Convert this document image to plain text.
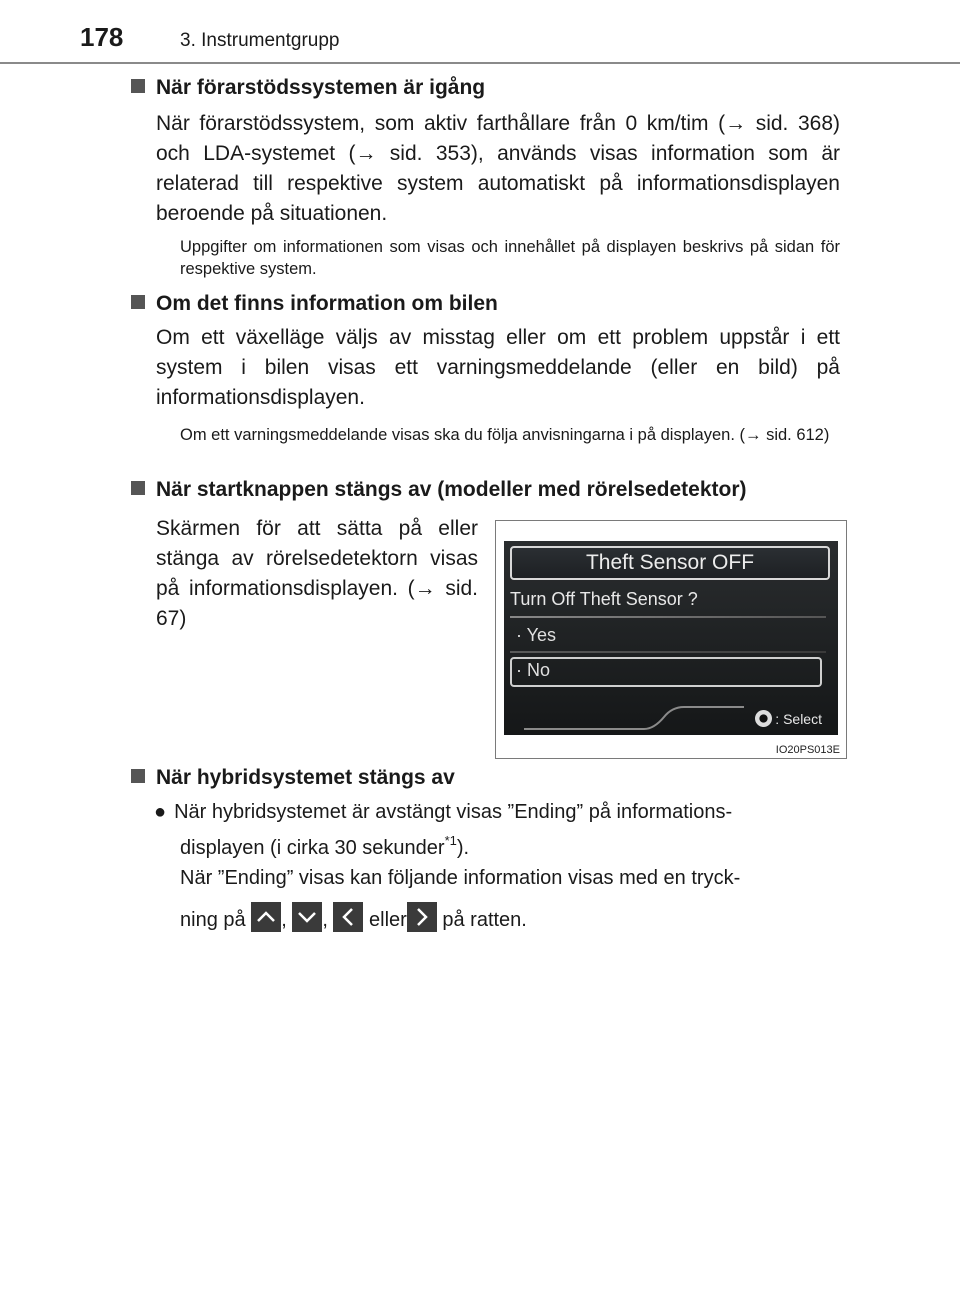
178	3. Instrumentgrupp
När förarstödssystemen är igång

När förarstödssystem, som aktiv farthållare från 0 km/tim (→ sid. 368) och LDA-systemet (→ sid. 353), används visas information som är relaterad till respektive system automatiskt på informationsdisplayen beroende på situationen.

Uppgifter om informationen som visas och innehållet på displayen beskrivs på sidan för respektive system.

Om det finns information om bilen

Om ett växelläge väljs av misstag eller om ett problem uppstår i ett system i bilen visas ett varningsmeddelande (eller en bild) på informationsdisplayen.

Om ett varningsmeddelande visas ska du följa anvisningarna i på displayen. (→ sid. 612)

När startknappen stängs av (modeller med rörelsedetektor)

Skärmen för att sätta på eller stänga av rörelsedetektorn visas på informationsdisplayen. (→ sid. 67)

Theft Sensor OFF
Turn Off Theft Sensor ?
· Yes
· No
: Select
IO20PS013E
När hybridsystemet stängs av
● När hybridsystemet är avstängt visas ”Ending” på informations-
displayen (i cirka 30 sekunder$^{*1}$).
När ”Ending” visas kan följande information visas med en tryck-
ning på , , eller på ratten.
